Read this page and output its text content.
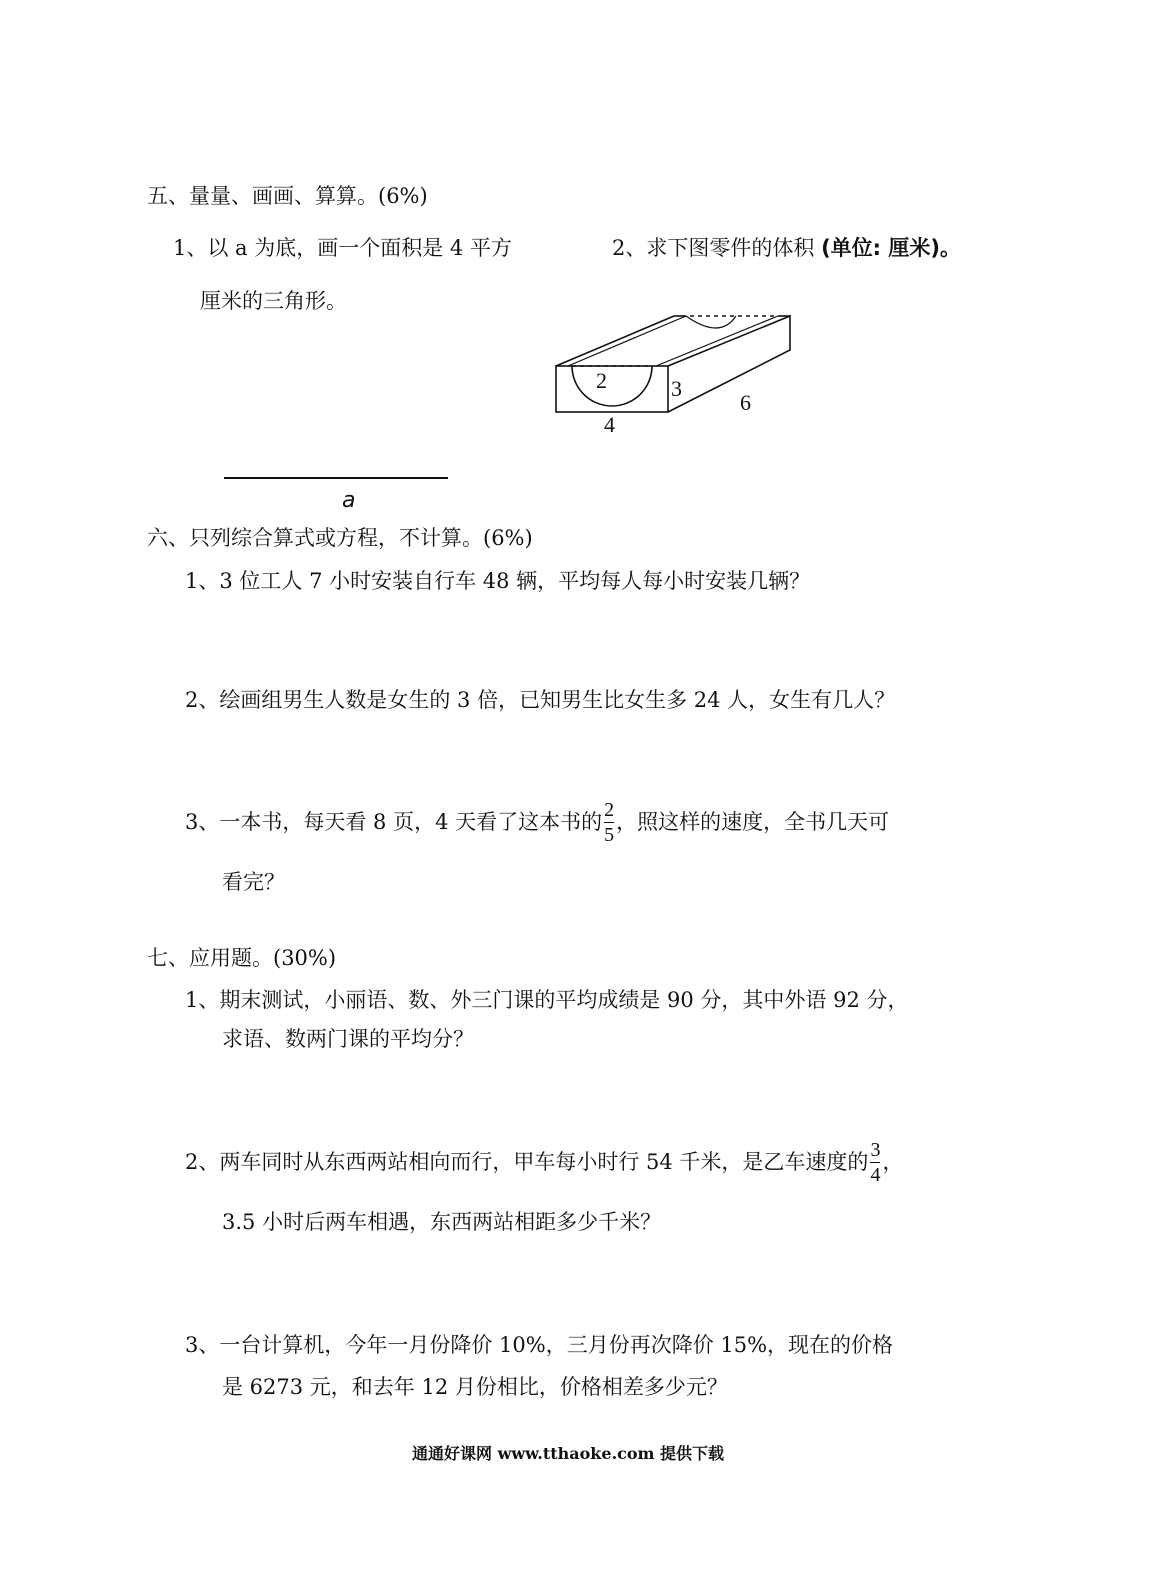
五、量量、画画、算算。(6%)
1、以 a 为底，画一个面积是 4 平方
厘米的三角形。
2、求下图零件的体积 (单位: 厘米)。
a
2	3
4
6
六、只列综合算式或方程，不计算。(6%)
1、3 位工人 7 小时安装自行车 48 辆，平均每人每小时安装几辆？
2、绘画组男生人数是女生的 3 倍，已知男生比女生多 24 人，女生有几人？
3、一本书，每天看 8 页，4 天看了这本书的 $\frac{2}{5}$ ，照这样的速度，全书几天可
看完？
七、应用题。(30%)
1、期末测试，小丽语、数、外三门课的平均成绩是 90 分，其中外语 92 分，
求语、数两门课的平均分？
2、两车同时从东西两站相向而行，甲车每小时行 54 千米，是乙车速度的 $\frac{3}{4}$ ，
3.5 小时后两车相遇，东西两站相距多少千米？
3、一台计算机，今年一月份降价 10%，三月份再次降价 15%，现在的价格
是 6273 元，和去年 12 月份相比，价格相差多少元？
通通好课网 www.tthaoke.com 提供下载
